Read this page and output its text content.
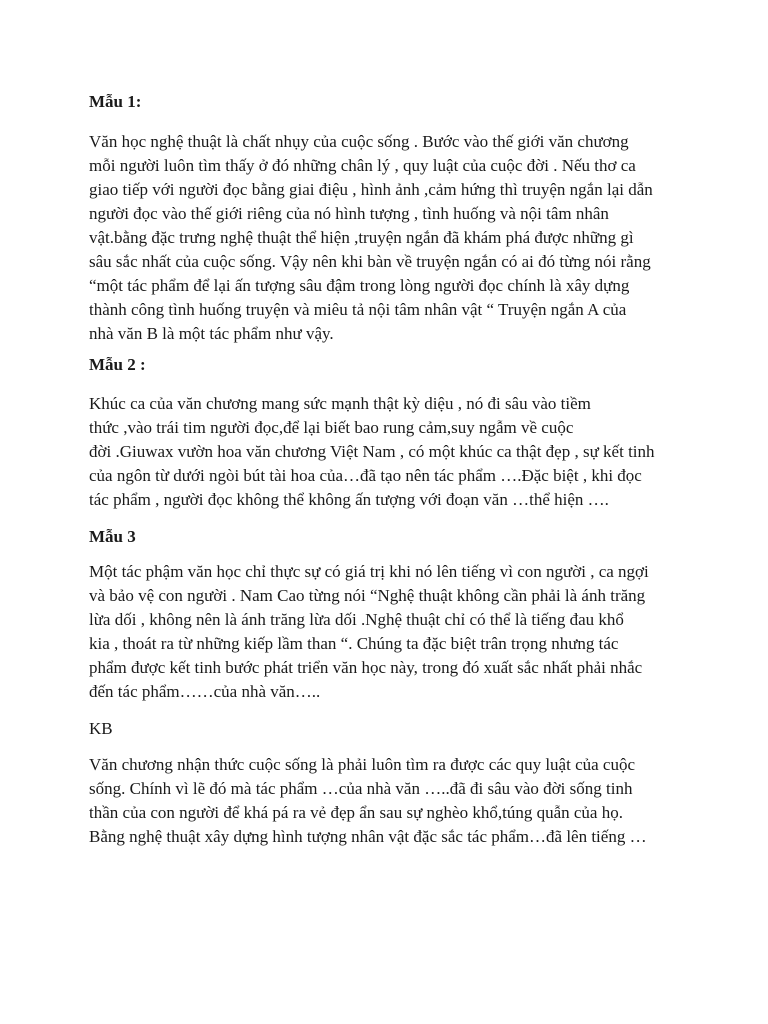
Mẫu 1:

Văn học nghệ thuật là chất nhụy của cuộc sống . Bước vào thế giới văn chương
mỗi người luôn tìm thấy ở đó những chân lý , quy luật của cuộc đời . Nếu thơ ca
giao tiếp với người đọc bằng giai điệu , hình ảnh ,cảm hứng thì truyện ngắn lại dẫn
người đọc vào thế giới riêng của nó hình tượng , tình huống và nội tâm nhân
vật.bằng đặc trưng nghệ thuật thể hiện ,truyện ngắn đã khám phá được những gì
sâu sắc nhất của cuộc sống. Vậy nên khi bàn về truyện ngắn có ai đó từng nói rằng
“một tác phẩm để lại ấn tượng sâu đậm trong lòng người đọc chính là xây dựng
thành công tình huống truyện và miêu tả nội tâm nhân vật “ Truyện ngắn A của
nhà văn B là một tác phẩm như vậy.

Mẫu 2 :

Khúc ca của văn chương mang sức mạnh thật kỳ diệu , nó đi sâu vào tiềm
thức ,vào trái tim người đọc,để lại biết bao rung cảm,suy ngẫm về cuộc
đời .Giuwax vườn hoa văn chương Việt Nam , có một khúc ca thật đẹp , sự kết tinh
của ngôn từ dưới ngòi bút tài hoa của…đã tạo nên tác phẩm ….Đặc biệt , khi đọc
tác phẩm , người đọc không thể không ấn tượng với đoạn văn …thể hiện ….

Mẫu 3

Một tác phậm văn học chỉ thực sự có giá trị khi nó lên tiếng vì con người , ca ngợi
và bảo vệ con người . Nam Cao từng nói “Nghệ thuật không cần phải là ánh trăng
lừa dối , không nên là ánh trăng lừa dối .Nghệ thuật chỉ có thể là tiếng đau khổ
kia , thoát ra từ những kiếp lầm than “. Chúng ta đặc biệt trân trọng nhưng tác
phẩm được kết tinh bước phát triển văn học này, trong đó xuất sắc nhất phải nhắc
đến tác phẩm……của nhà văn…..

KB

Văn chương nhận thức cuộc sống là phải luôn tìm ra được các quy luật của cuộc
sống. Chính vì lẽ đó mà tác phẩm …của nhà văn …..đã đi sâu vào đời sống tinh
thần của con người để khá pá ra vẻ đẹp ẩn sau sự nghèo khổ,túng quẫn của họ.
Bằng nghệ thuật xây dựng hình tượng nhân vật đặc sắc tác phẩm…đã lên tiếng …
